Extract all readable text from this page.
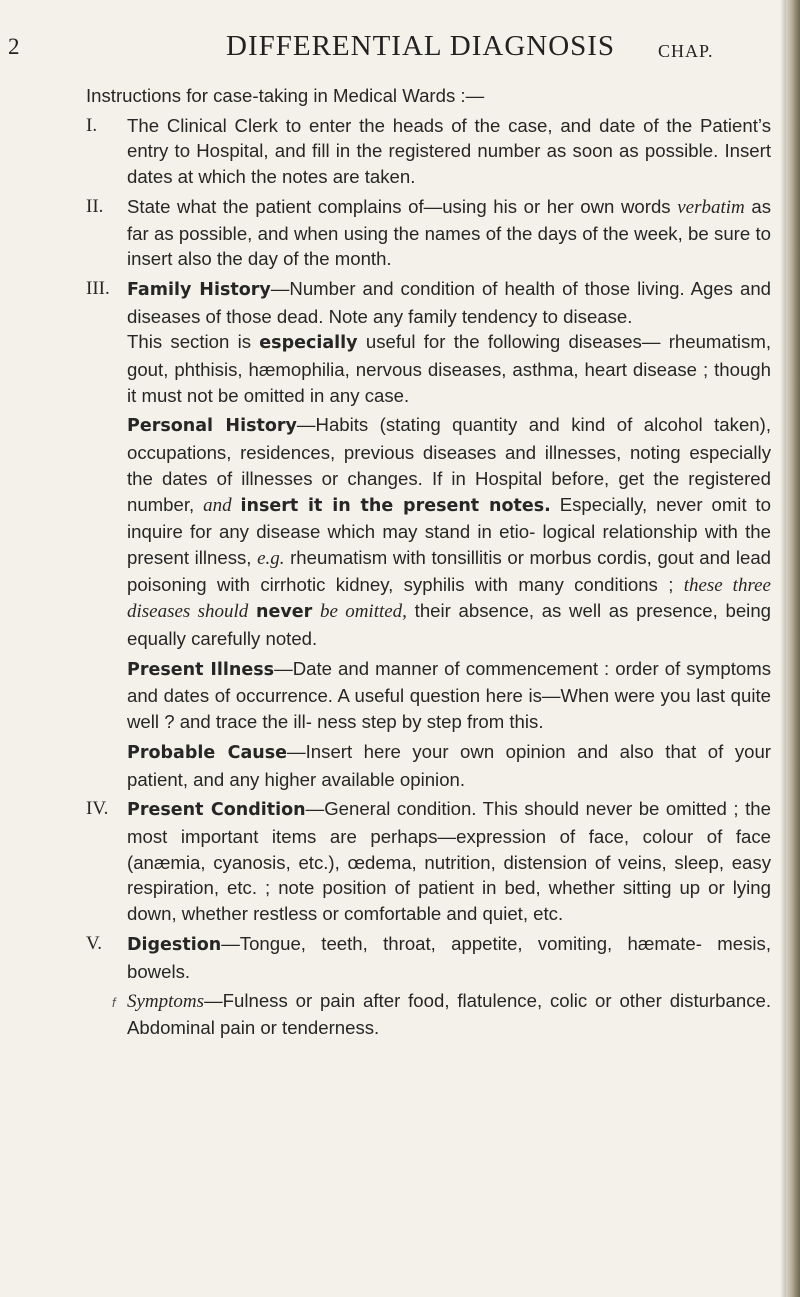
2	DIFFERENTIAL DIAGNOSIS CHAP.
Instructions for case-taking in Medical Wards :—
I. The Clinical Clerk to enter the heads of the case, and date of the Patient’s entry to Hospital, and fill in the registered number as soon as possible. Insert dates at which the notes are taken.
II. State what the patient complains of—using his or her own words verbatim as far as possible, and when using the names of the days of the week, be sure to insert also the day of the month.
III. Family History—Number and condition of health of those living. Ages and diseases of those dead. Note any family tendency to disease.
This section is especially useful for the following diseases— rheumatism, gout, phthisis, hæmophilia, nervous diseases, asthma, heart disease ; though it must not be omitted in any case.
Personal History—Habits (stating quantity and kind of alcohol taken), occupations, residences, previous diseases and illnesses, noting especially the dates of illnesses or changes. If in Hospital before, get the registered number, and insert it in the present notes. Especially, never omit to inquire for any disease which may stand in etio- logical relationship with the present illness, e.g. rheumatism with tonsillitis or morbus cordis, gout and lead poisoning with cirrhotic kidney, syphilis with many conditions ; these three diseases should never be omitted, their absence, as well as presence, being equally carefully noted.
Present Illness—Date and manner of commencement : order of symptoms and dates of occurrence. A useful question here is—When were you last quite well ? and trace the ill- ness step by step from this.
Probable Cause—Insert here your own opinion and also that of your patient, and any higher available opinion.
IV. Present Condition—General condition. This should never be omitted ; the most important items are perhaps—expression of face, colour of face (anæmia, cyanosis, etc.), œdema, nutrition, distension of veins, sleep, easy respiration, etc. ; note position of patient in bed, whether sitting up or lying down, whether restless or comfortable and quiet, etc.
V. Digestion—Tongue, teeth, throat, appetite, vomiting, hæmate- mesis, bowels.
f Symptoms—Fulness or pain after food, flatulence, colic or other disturbance. Abdominal pain or tenderness.
